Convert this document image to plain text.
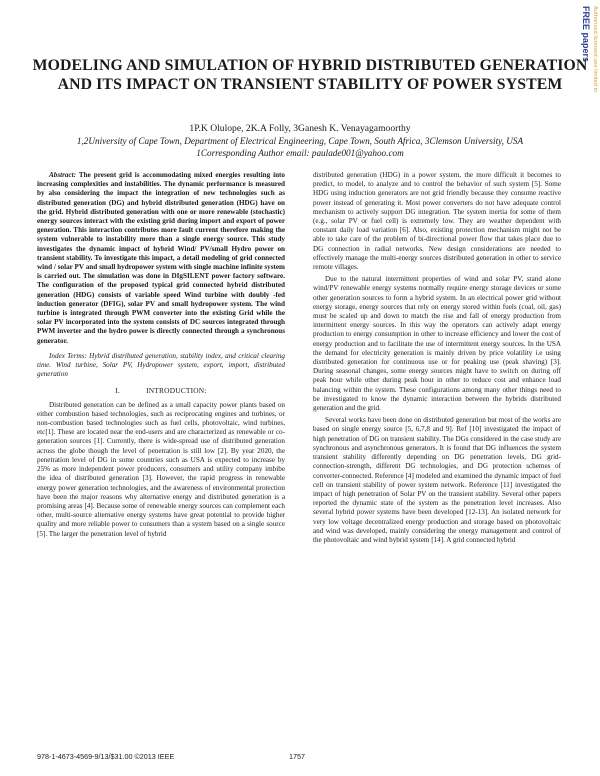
Authorized licensed use limited to
FREE papers
MODELING AND SIMULATION OF HYBRID DISTRIBUTED GENERATION AND ITS IMPACT ON TRANSIENT STABILITY OF POWER SYSTEM
1P.K Olulope, 2K.A Folly, 3Ganesh K. Venayagamoorthy
1,2University of Cape Town, Department of Electrical Engineering, Cape Town, South Africa, 3Clemson University, USA
1Corresponding Author email: paulade001@yahoo.com

Abstract: The present grid is accommodating mixed energies resulting into increasing complexities and instabilities. The dynamic performance is measured by also considering the impact the integration of new technologies such as distributed generation (DG) and hybrid distributed generation (HDG) have on the grid. Hybrid distributed generation with one or more renewable (stochastic) energy sources interact with the existing grid during import and export of power generation. This interaction contributes more fault current therefore making the system vulnerable to instability more than a single energy source. This study investigates the dynamic impact of hybrid Wind/ PV/small Hydro power on transient stability. To investigate this impact, a detail modeling of grid connected wind / solar PV and small hydropower system with single machine infinite system is carried out. The simulation was done in DIgSILENT power factory software. The configuration of the proposed typical grid connected hybrid distributed generation (HDG) consists of variable speed Wind turbine with doubly -fed induction generator (DFIG), solar PV and small hydropower system. The wind turbine is integrated through PWM converter into the existing Grid while the solar PV incorporated into the system consists of DC sources integrated through PWM inverter and the hydro power is directly connected through a synchronous generator.

Index Terms: Hybrid distributed generation, stability index, and critical clearing time. Wind turbine, Solar PV, Hydropower system, export, import, distributed generation

I.	INTRODUCTION:

Distributed generation can be defined as a small capacity power plants based on either combustion based technologies, such as reciprocating engines and turbines, or non-combustion based technologies such as fuel cells, photovoltaic, wind turbines, etc[1]. These are located near the end-users and are characterized as renewable or co-generation sources [1]. Currently, there is wide-spread use of distributed generation across the globe though the level of penetration is still low [2]. By year 2020, the penetration level of DG in some countries such as USA is expected to increase by 25% as more independent power producers, consumers and utility company imbibe the idea of distributed generation [3]. However, the rapid progress in renewable energy power generation technologies, and the awareness of environmental protection have been the major reasons why alternative energy and distributed generation is a promising areas [4]. Because some of renewable energy sources can complement each other, multi-source alternative energy systems have great potential to provide higher quality and more reliable power to consumers than a system based on a single source [5]. The larger the penetration level of hybrid

distributed generation (HDG) in a power system, the more difficult it becomes to predict, to model, to analyze and to control the behavior of such system [5]. Some HDG using induction generators are not grid friendly because they consume reactive power instead of generating it. Most power converters do not have adequate control mechanism to actively support DG integration. The system inertia for some of them (e.g., solar PV or fuel cell) is extremely low. They are weather dependent with constant daily load variation [6]. Also, existing protection mechanism might not be able to take care of the problem of bi-directional power flow that takes place due to DG connection in radial networks. New design considerations are needed to effectively manage the multi-energy sources distributed generation in other to service remote villages.

Due to the natural intermittent properties of wind and solar PV, stand alone wind/PV renewable energy systems normally require energy storage devices or some other generation sources to form a hybrid system. In an electrical power grid without energy storage, energy sources that rely on energy stored within fuels (coal, oil, gas) must be scaled up and down to match the rise and fall of energy production from intermittent energy sources. In this way the operators can actively adapt energy production to energy consumption in other to increase efficiency and lower the cost of energy production and to facilitate the use of intermittent energy sources. In the USA the demand for electricity generation is mainly driven by price volatility i.e using distributed generation for continuous use or for peaking use (peak shaving) [3]. During seasonal changes, some energy sources might have to switch on during off peak hour while other during peak hour in other to reduce cost and enhance load balancing within the system. These configurations among many other things need to be investigated to know the dynamic interaction between the hybrids distributed generation and the grid.

Several works have been done on distributed generation but most of the works are based on single energy source [5, 6,7,8 and 9]. Ref [10] investigated the impact of high penetration of DG on transient stability. The DGs considered in the case study are synchronous and asynchronous generators. It is found that DG influences the system transient stability differently depending on DG penetration levels, DG grid- connection-strength, different DG technologies, and DG protection schemes of converter-connected. Reference [4] modeled and examined the dynamic impact of fuel cell on transient stability of power system network. Reference [11] investigated the impact of high penetration of Solar PV on the transient stability. Several other papers reported the dynamic state of the system as the penetration level increases. Also several hybrid power systems have been developed [12-13]. An isolated network for very low voltage decentralized energy production and storage based on photovoltaic and wind was developed, mainly considering the energy management and control of the photovoltaic and wind hybrid system [14]. A grid connected hybrid

978-1-4673-4569-9/13/$31.00 ©2013 IEEE	1757
